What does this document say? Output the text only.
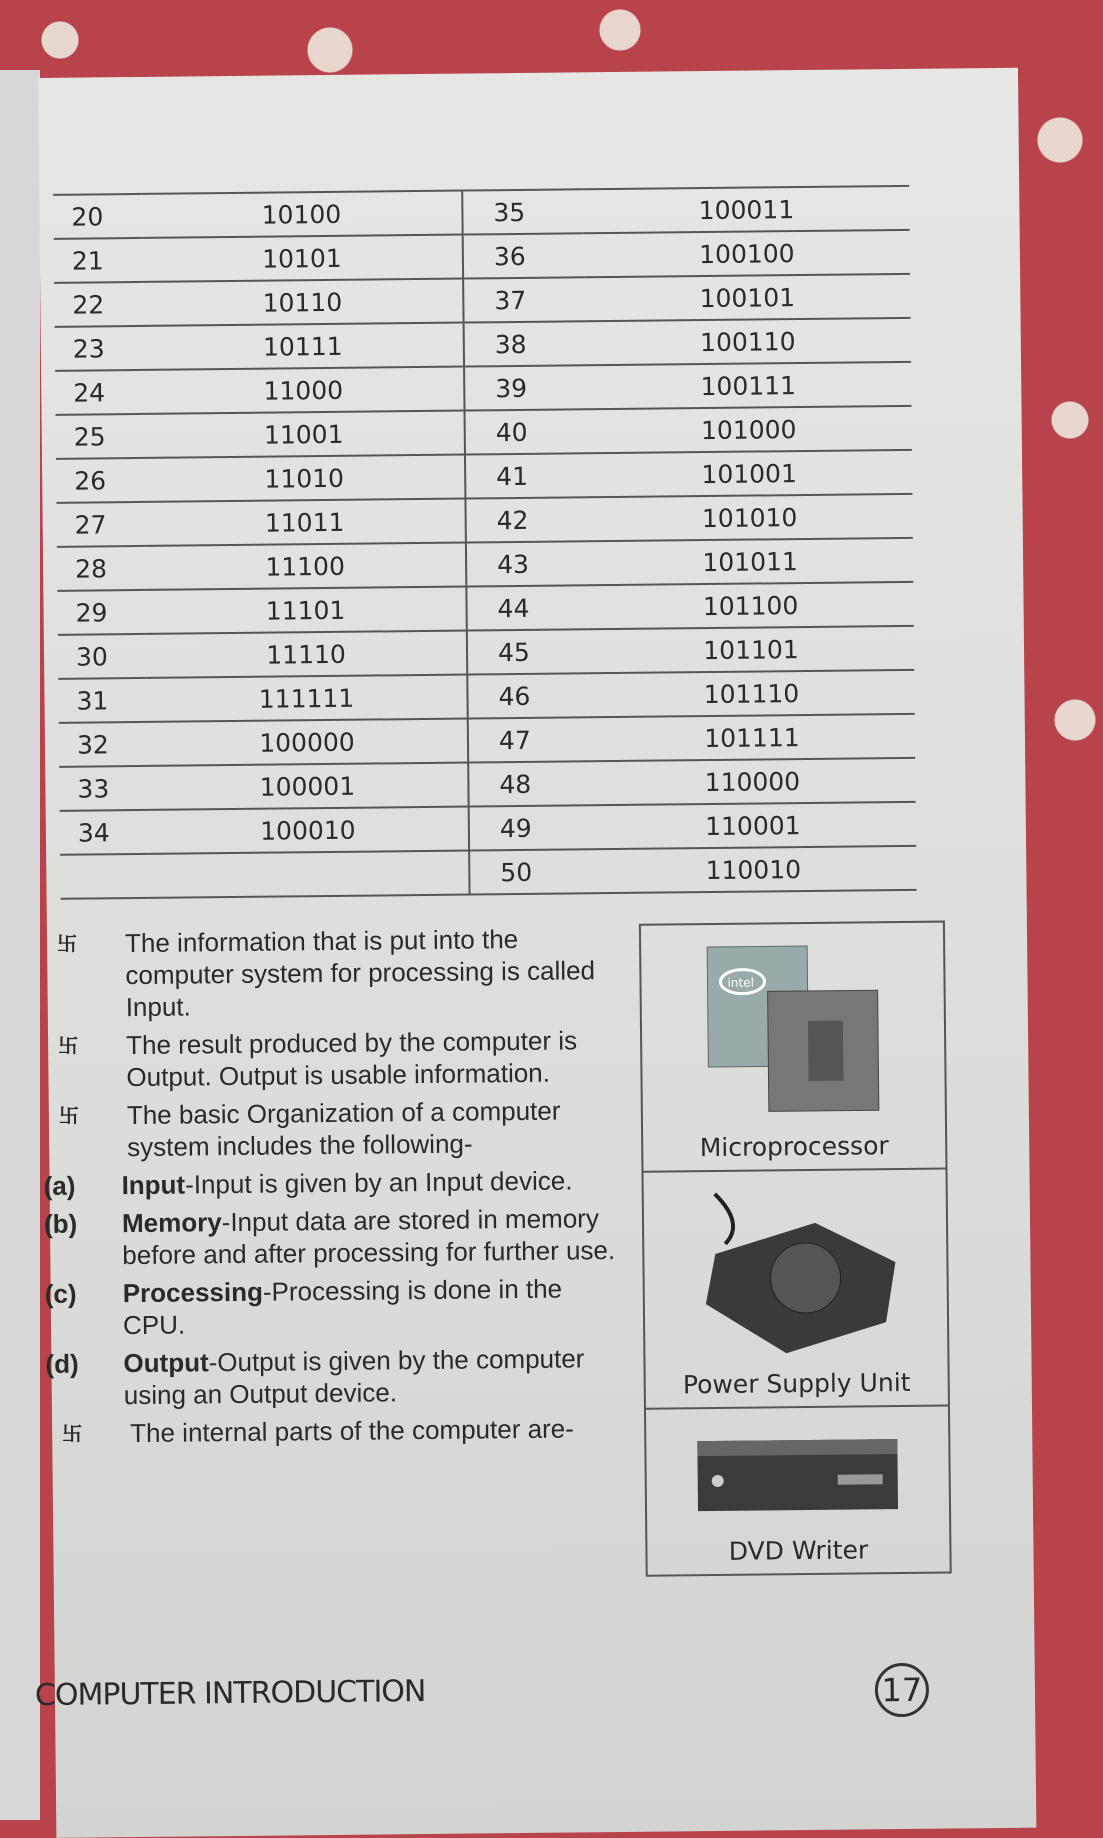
20	10100	35	100011
21	10101	36	100100
22	10110	37	100101
23	10111	38	100110
24	11000	39	100111
25	11001	40	101000
26	11010	41	101001
27	11011	42	101010
28	11100	43	101011
29	11101	44	101100
30	11110	45	101101
31	111111	46	101110
32	100000	47	101111
33	100001	48	110000
34	100010	49	110001
		50	110010
卐 The information that is put into the computer system for processing is called Input.
卐 The result produced by the computer is Output. Output is usable information.
卐 The basic Organization of a computer system includes the following-
(a) Input-Input is given by an Input device.
(b) Memory-Input data are stored in memory before and after processing for further use.
(c) Processing-Processing is done in the CPU.
(d) Output-Output is given by the computer using an Output device.
卐 The internal parts of the computer are-
intel
Microprocessor
Power Supply Unit
DVD Writer
COMPUTER INTRODUCTION	17
